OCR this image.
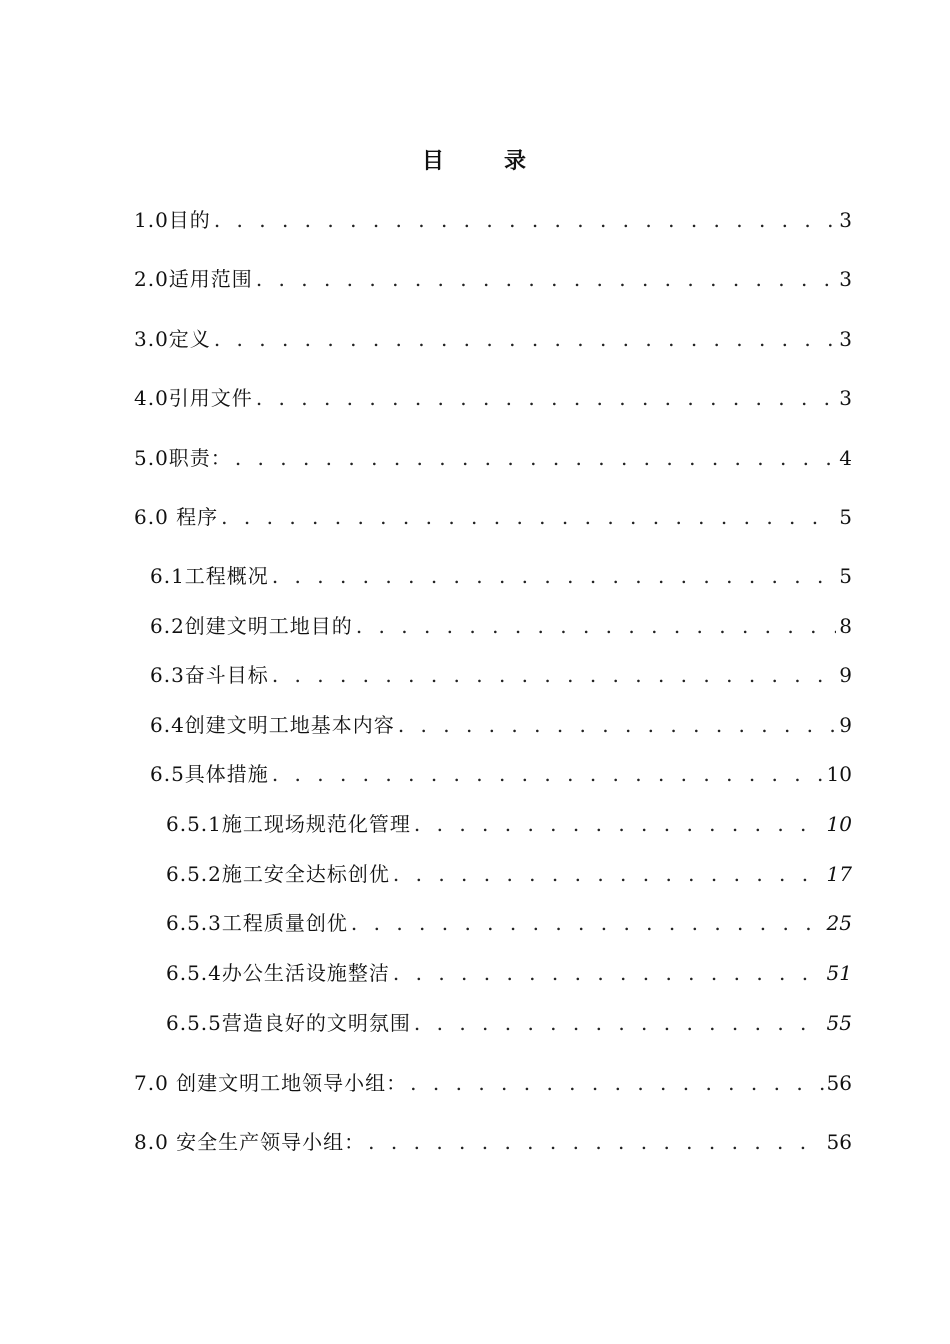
目	录
1.0目的 . . .	3
2.0适用范围 . . .	3
3.0定义 . . .	3
4.0引用文件 . . .	3
5.0职责： . . .	4
6.0 程序 . . .	5
6.1工程概况 . . .	5
6.2创建文明工地目的 . . .	8
6.3奋斗目标 . . .	9
6.4创建文明工地基本内容 . . .	9
6.5具体措施 . . .	10
6.5.1施工现场规范化管理 . . .	10
6.5.2施工安全达标创优 . . .	17
6.5.3工程质量创优 . . .	25
6.5.4办公生活设施整洁 . . .	51
6.5.5营造良好的文明氛围 . . .	55
7.0 创建文明工地领导小组： . . .	56
8.0 安全生产领导小组： . . .	56
